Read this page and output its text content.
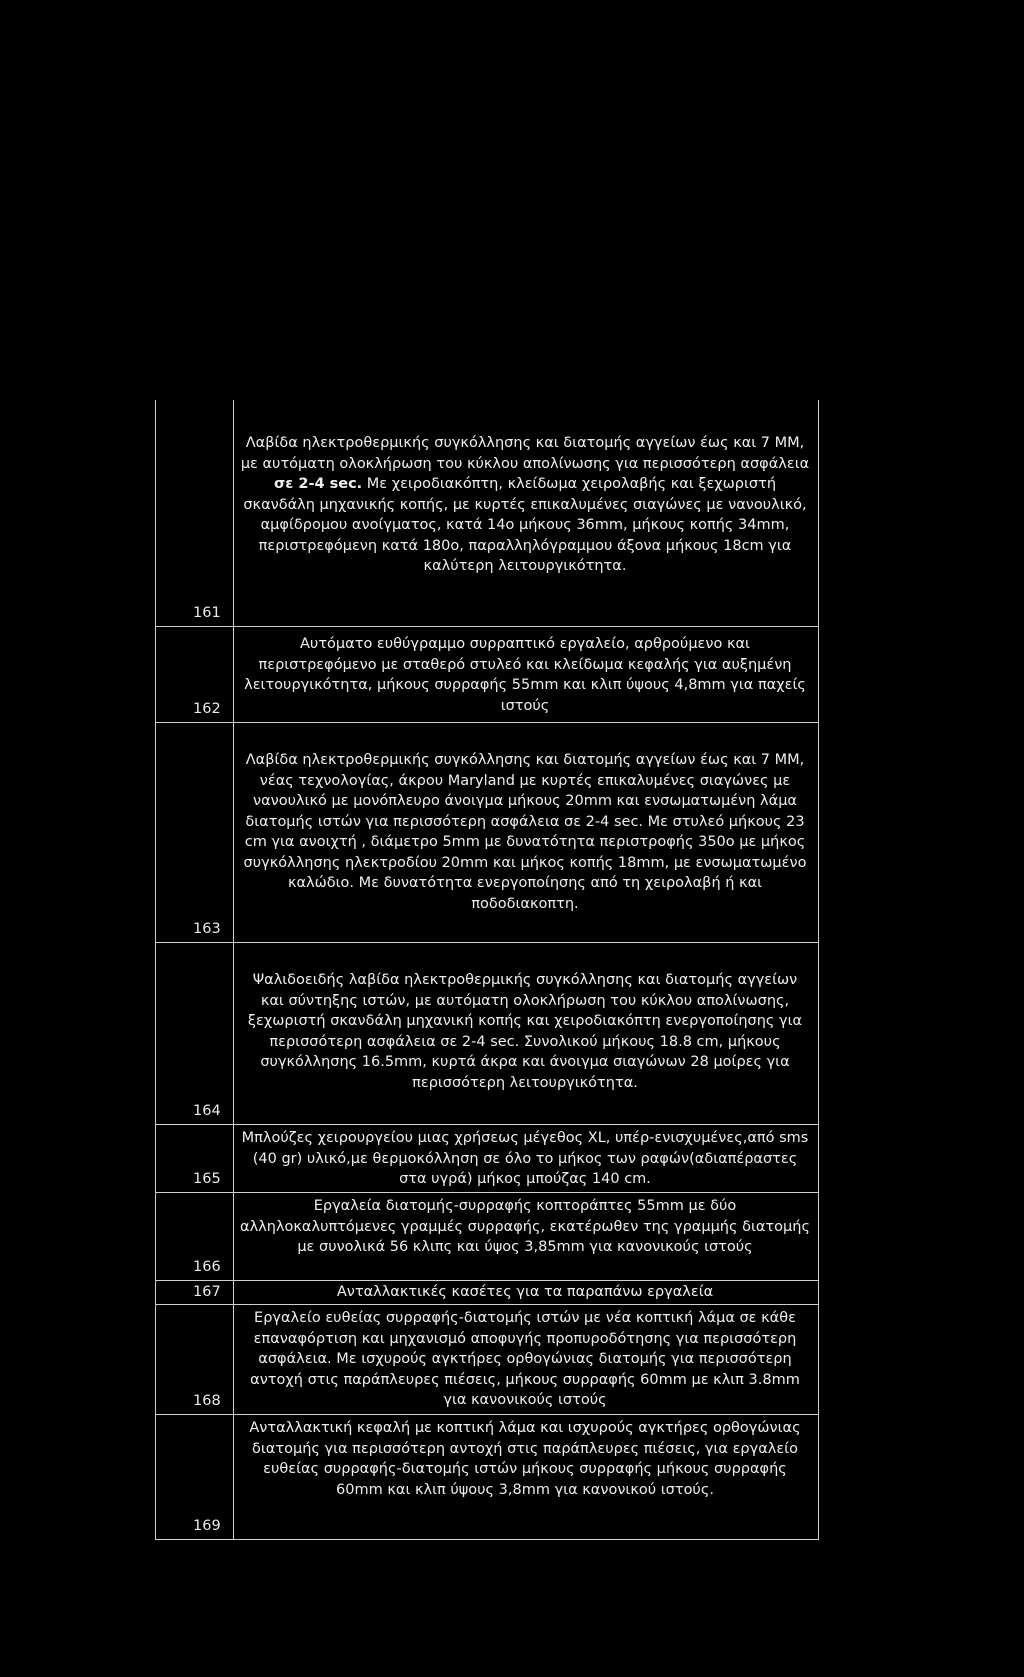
161
Λαβίδα ηλεκτροθερμικής συγκόλλησης και διατομής αγγείων έως και 7 ΜΜ, με αυτόματη ολοκλήρωση του κύκλου απολίνωσης για περισσότερη ασφάλεια σε 2-4 sec. Με χειροδιακόπτη, κλείδωμα χειρολαβής και ξεχωριστή σκανδάλη μηχανικής κοπής, με κυρτές επικαλυμένες σιαγώνες με νανουλικό, αμφίδρομου ανοίγματος, κατά 14ο μήκους 36mm, μήκους κοπής 34mm, περιστρεφόμενη κατά 180ο, παραλληλόγραμμου άξονα μήκους 18cm για καλύτερη λειτουργικότητα.
162
Αυτόματο ευθύγραμμο συρραπτικό εργαλείο, αρθρούμενο και περιστρεφόμενο με σταθερό στυλεό και κλείδωμα κεφαλής για αυξημένη λειτουργικότητα, μήκους συρραφής 55mm και κλιπ ύψους 4,8mm για παχείς ιστούς
163
Λαβίδα ηλεκτροθερμικής συγκόλλησης και διατομής αγγείων έως και 7 ΜΜ, νέας τεχνολογίας, άκρου Maryland με κυρτές επικαλυμένες σιαγώνες με νανουλικό με μονόπλευρο άνοιγμα μήκους 20mm και ενσωματωμένη λάμα διατομής ιστών για περισσότερη ασφάλεια σε 2-4 sec. Με στυλεό μήκους 23 cm για ανοιχτή , διάμετρο 5mm με δυνατότητα περιστροφής 350ο με μήκος συγκόλλησης ηλεκτροδίου 20mm και μήκος κοπής 18mm, με ενσωματωμένο καλώδιο. Με δυνατότητα ενεργοποίησης από τη χειρολαβή ή και ποδοδιακοπτη.
164
Ψαλιδοειδής λαβίδα ηλεκτροθερμικής συγκόλλησης και διατομής αγγείων και σύντηξης ιστών, με αυτόματη ολοκλήρωση του κύκλου απολίνωσης, ξεχωριστή σκανδάλη μηχανική κοπής και χειροδιακόπτη ενεργοποίησης για περισσότερη ασφάλεια σε 2-4 sec. Συνολικού μήκους 18.8 cm, μήκους συγκόλλησης 16.5mm, κυρτά άκρα και άνοιγμα σιαγώνων 28 μοίρες για περισσότερη λειτουργικότητα.
165
Μπλούζες χειρουργείου μιας χρήσεως μέγεθος XL, υπέρ-ενισχυμένες,από sms (40 gr) υλικό,με θερμοκόλληση σε όλο το μήκος των ραφών(αδιαπέραστες στα υγρά) μήκος μπούζας 140 cm.
166
Εργαλεία διατομής-συρραφής κοπτοράπτες 55mm με δύο αλληλοκαλυπτόμενες γραμμές συρραφής, εκατέρωθεν της γραμμής διατομής με συνολικά 56 κλιπς και ύψος 3,85mm για κανονικούς ιστούς
167	Ανταλλακτικές κασέτες για τα παραπάνω εργαλεία
168
Εργαλείο ευθείας συρραφής-διατομής ιστών με νέα κοπτική λάμα σε κάθε επαναφόρτιση και μηχανισμό αποφυγής προπυροδότησης για περισσότερη ασφάλεια. Με ισχυρούς αγκτήρες ορθογώνιας διατομής για περισσότερη αντοχή στις παράπλευρες πιέσεις, μήκους συρραφής 60mm με κλιπ 3.8mm για κανονικούς ιστούς
169
Ανταλλακτική κεφαλή με κοπτική λάμα και ισχυρούς αγκτήρες ορθογώνιας διατομής για περισσότερη αντοχή στις παράπλευρες πιέσεις, για εργαλείο ευθείας συρραφής-διατομής ιστών μήκους συρραφής μήκους συρραφής 60mm και κλιπ ύψους 3,8mm για κανονικού ιστούς.
